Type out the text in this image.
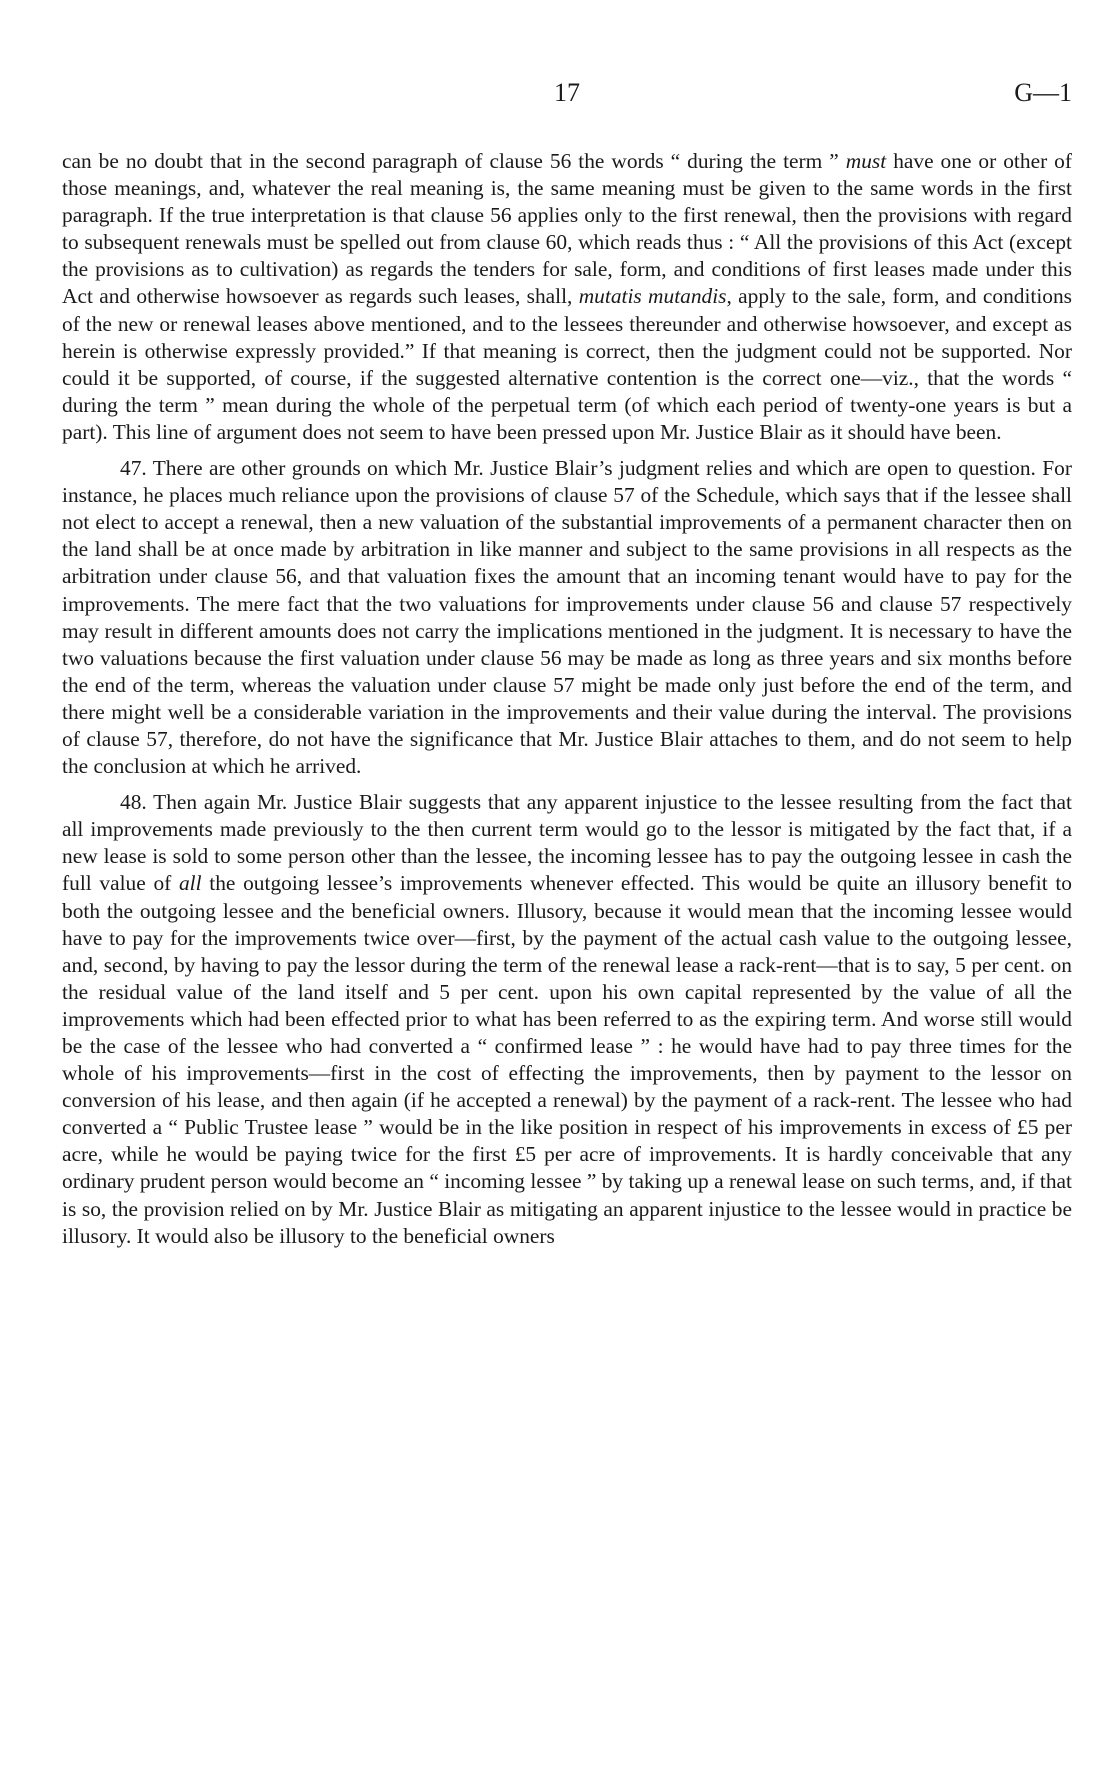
17	G—1

can be no doubt that in the second paragraph of clause 56 the words “ during the term ” must have one or other of those meanings, and, whatever the real meaning is, the same meaning must be given to the same words in the first paragraph. If the true interpretation is that clause 56 applies only to the first renewal, then the provisions with regard to subsequent renewals must be spelled out from clause 60, which reads thus : “ All the provisions of this Act (except the provisions as to cultivation) as regards the tenders for sale, form, and conditions of first leases made under this Act and otherwise howsoever as regards such leases, shall, mutatis mutandis, apply to the sale, form, and conditions of the new or renewal leases above mentioned, and to the lessees thereunder and otherwise howsoever, and except as herein is otherwise expressly provided.” If that meaning is correct, then the judgment could not be supported. Nor could it be supported, of course, if the suggested alternative contention is the correct one—viz., that the words “ during the term ” mean during the whole of the perpetual term (of which each period of twenty-one years is but a part). This line of argument does not seem to have been pressed upon Mr. Justice Blair as it should have been.

47. There are other grounds on which Mr. Justice Blair’s judgment relies and which are open to question. For instance, he places much reliance upon the provisions of clause 57 of the Schedule, which says that if the lessee shall not elect to accept a renewal, then a new valuation of the substantial improvements of a permanent character then on the land shall be at once made by arbitration in like manner and subject to the same provisions in all respects as the arbitration under clause 56, and that valuation fixes the amount that an incoming tenant would have to pay for the improvements. The mere fact that the two valuations for improvements under clause 56 and clause 57 respectively may result in different amounts does not carry the implications mentioned in the judgment. It is necessary to have the two valuations because the first valuation under clause 56 may be made as long as three years and six months before the end of the term, whereas the valuation under clause 57 might be made only just before the end of the term, and there might well be a considerable variation in the improvements and their value during the interval. The provisions of clause 57, therefore, do not have the significance that Mr. Justice Blair attaches to them, and do not seem to help the conclusion at which he arrived.

48. Then again Mr. Justice Blair suggests that any apparent injustice to the lessee resulting from the fact that all improvements made previously to the then current term would go to the lessor is mitigated by the fact that, if a new lease is sold to some person other than the lessee, the incoming lessee has to pay the outgoing lessee in cash the full value of all the outgoing lessee’s improvements whenever effected. This would be quite an illusory benefit to both the outgoing lessee and the beneficial owners. Illusory, because it would mean that the incoming lessee would have to pay for the improvements twice over—first, by the payment of the actual cash value to the outgoing lessee, and, second, by having to pay the lessor during the term of the renewal lease a rack-rent—that is to say, 5 per cent. on the residual value of the land itself and 5 per cent. upon his own capital represented by the value of all the improvements which had been effected prior to what has been referred to as the expiring term. And worse still would be the case of the lessee who had converted a “ confirmed lease ” : he would have had to pay three times for the whole of his improvements—first in the cost of effecting the improvements, then by payment to the lessor on conversion of his lease, and then again (if he accepted a renewal) by the payment of a rack-rent. The lessee who had converted a “ Public Trustee lease ” would be in the like position in respect of his improvements in excess of £5 per acre, while he would be paying twice for the first £5 per acre of improvements. It is hardly conceivable that any ordinary prudent person would become an “ incoming lessee ” by taking up a renewal lease on such terms, and, if that is so, the provision relied on by Mr. Justice Blair as mitigating an apparent injustice to the lessee would in practice be illusory. It would also be illusory to the beneficial owners
